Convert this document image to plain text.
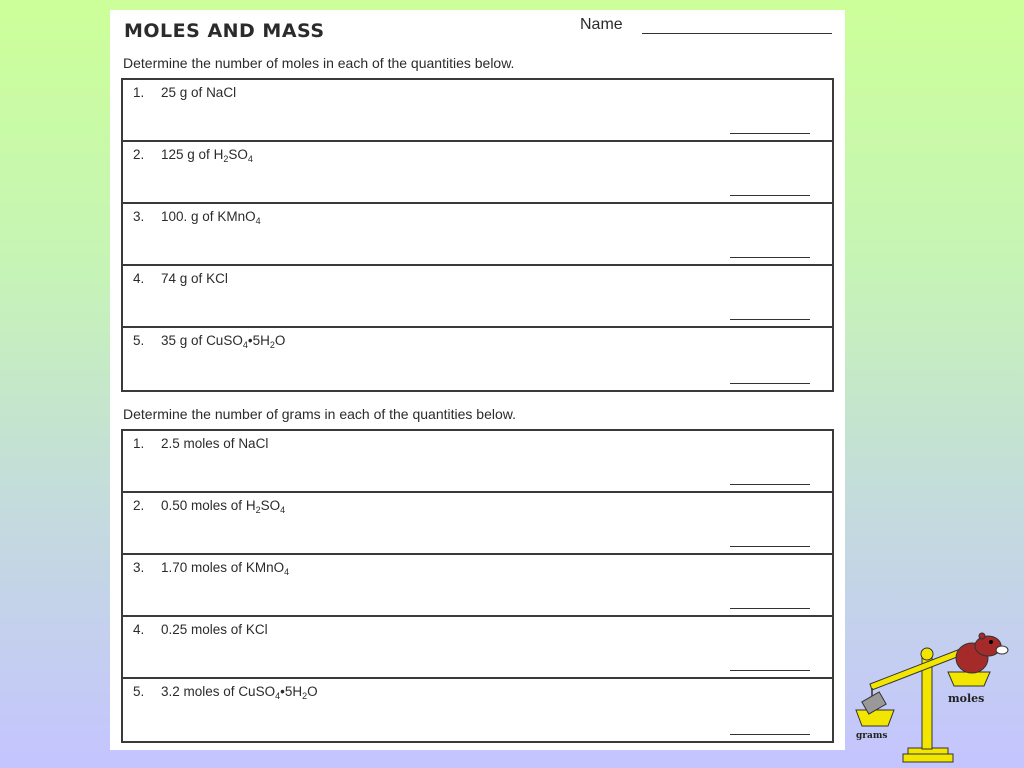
MOLES AND MASS	Name

Determine the number of moles in each of the quantities below.

1. 25 g of NaCl
2. 125 g of $H_2SO_4$
3. 100. g of KMnO$_4$
4. 74 g of KCl
5. 35 g of $CuSO_4•5H_2O$

Determine the number of grams in each of the quantities below.

1. 2.5 moles of NaCl
2. 0.50 moles of $H_2SO_4$
3. 1.70 moles of KMnO$_4$
4. 0.25 moles of KCl
5. 3.2 moles of $CuSO_4•5H_2O$
grams
moles
